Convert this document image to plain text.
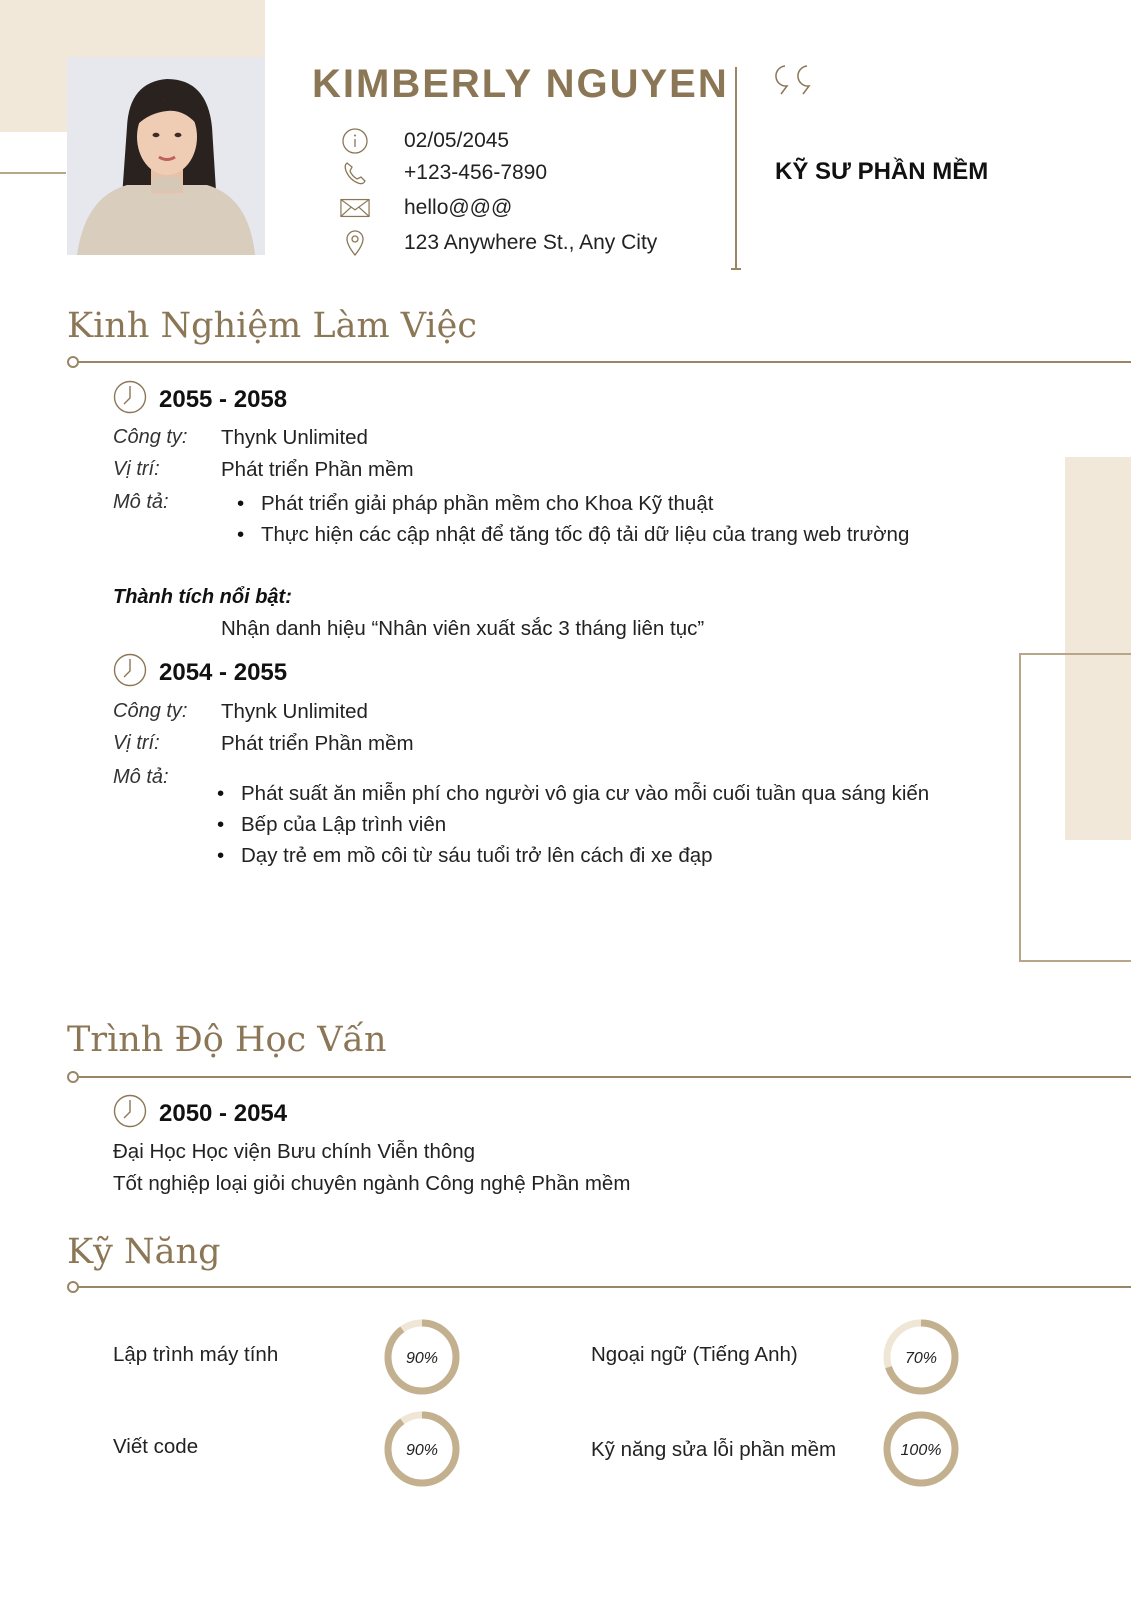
KIMBERLY NGUYEN
02/05/2045
+123-456-7890
hello@@@
123 Anywhere St., Any City
KỸ SƯ PHẦN MỀM
Kinh Nghiệm Làm Việc
2055 - 2058
Công ty: Thynk Unlimited
Vị trí:	Phát triển Phần mềm
Mô tả:
•	Phát triển giải pháp phần mềm cho Khoa Kỹ thuật
• Thực hiện các cập nhật để tăng tốc độ tải dữ liệu của trang web trường
Thành tích nổi bật:
Nhận danh hiệu “Nhân viên xuất sắc 3 tháng liên tục”
2054 - 2055
Công ty: Thynk Unlimited
Vị trí:	Phát triển Phần mềm
Mô tả:
• Phát suất ăn miễn phí cho người vô gia cư vào mỗi cuối tuần qua sáng kiến
• Bếp của Lập trình viên
• Dạy trẻ em mồ côi từ sáu tuổi trở lên cách đi xe đạp
Trình Độ Học Vấn
2050 - 2054
Đại Học Học viện Bưu chính Viễn thông
Tốt nghiệp loại giỏi chuyên ngành Công nghệ Phần mềm
Kỹ Năng
Lập trình máy tính	Ngoại ngữ (Tiếng Anh)
Viết code	Kỹ năng sửa lỗi phần mềm
90%	70%
90%	100%
